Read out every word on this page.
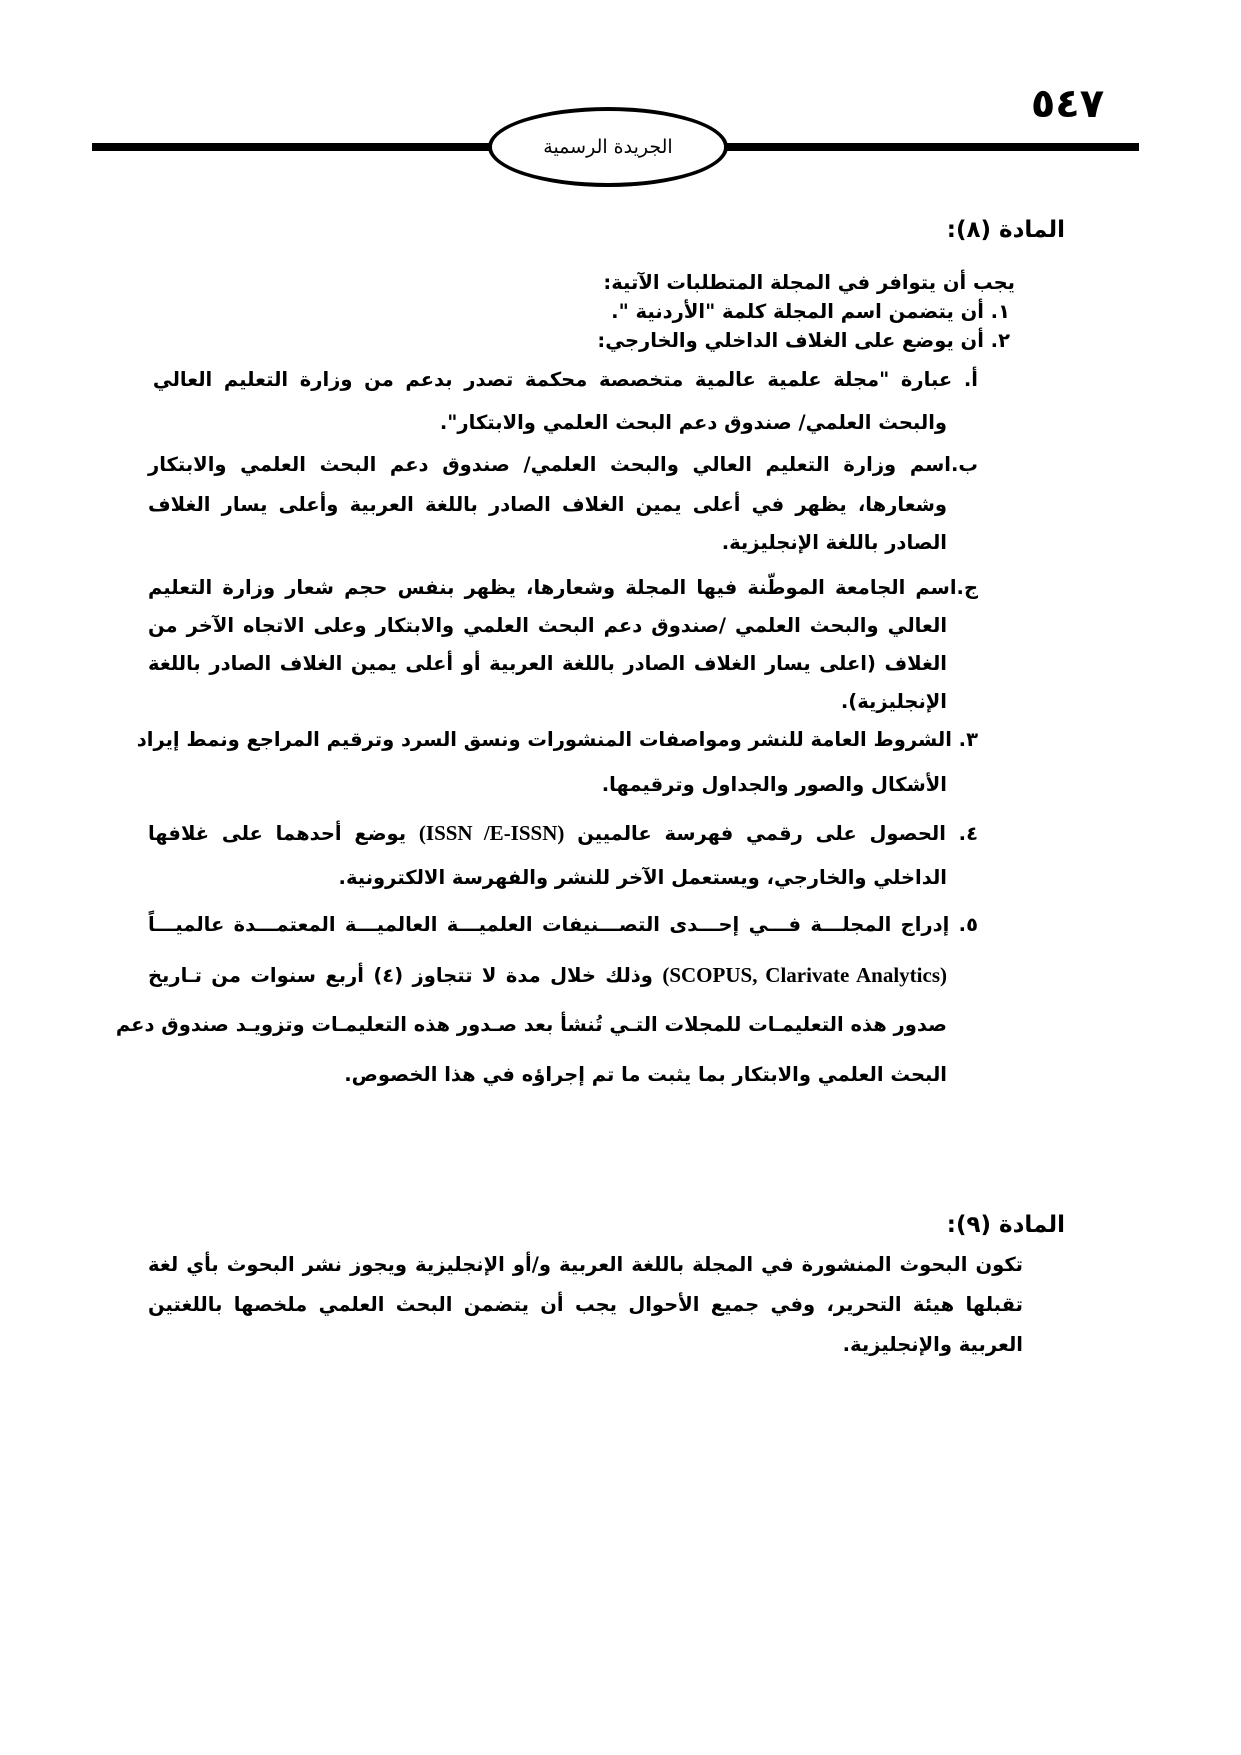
٥٤٧
الجريدة الرسمية
المادة (٨):
المادة (٩):
يجب أن يتوافر في المجلة المتطلبات الآتية:
١. أن يتضمن اسم المجلة كلمة "الأردنية ".
٢. أن يوضع على الغلاف الداخلي والخارجي:
أ. عبارة "مجلة علمية عالمية متخصصة محكمة تصدر بدعم من وزارة التعليم العالي
والبحث العلمي/ صندوق دعم البحث العلمي والابتكار".
ب.اسم وزارة التعليم العالي والبحث العلمي/ صندوق دعم البحث العلمي والابتكار
وشعارها، يظهر في أعلى يمين الغلاف الصادر باللغة العربية وأعلى يسار الغلاف
الصادر باللغة الإنجليزية.
ج.اسم الجامعة الموطّنة فيها المجلة وشعارها، يظهر بنفس حجم شعار وزارة التعليم
العالي والبحث العلمي /صندوق دعم البحث العلمي والابتكار وعلى الاتجاه الآخر من
الغلاف (اعلى يسار الغلاف الصادر باللغة العربية أو أعلى يمين الغلاف الصادر باللغة
الإنجليزية).
٣. الشروط العامة للنشر ومواصفات المنشورات ونسق السرد وترقيم المراجع ونمط إيراد
الأشكال والصور والجداول وترقيمها.
٤. الحصول على رقمي فهرسة عالميين (ISSN /E-ISSN) يوضع أحدهما على غلافها
الداخلي والخارجي، ويستعمل الآخر للنشر والفهرسة الالكترونية.
٥. إدراج المجلـــة فـــي إحـــدى التصـــنيفات العلميـــة العالميـــة المعتمـــدة عالميـــاً
(SCOPUS, Clarivate Analytics) وذلك خلال مدة لا تتجاوز (٤) أربع سنوات من تـاريخ
صدور هذه التعليمـات للمجلات التـي تُنشأ بعد صـدور هذه التعليمـات وتزويـد صندوق دعم
البحث العلمي والابتكار بما يثبت ما تم إجراؤه في هذا الخصوص.
تكون البحوث المنشورة في المجلة باللغة العربية و/أو الإنجليزية ويجوز نشر البحوث بأي لغة
تقبلها هيئة التحرير، وفي جميع الأحوال يجب أن يتضمن البحث العلمي ملخصها باللغتين
العربية والإنجليزية.
